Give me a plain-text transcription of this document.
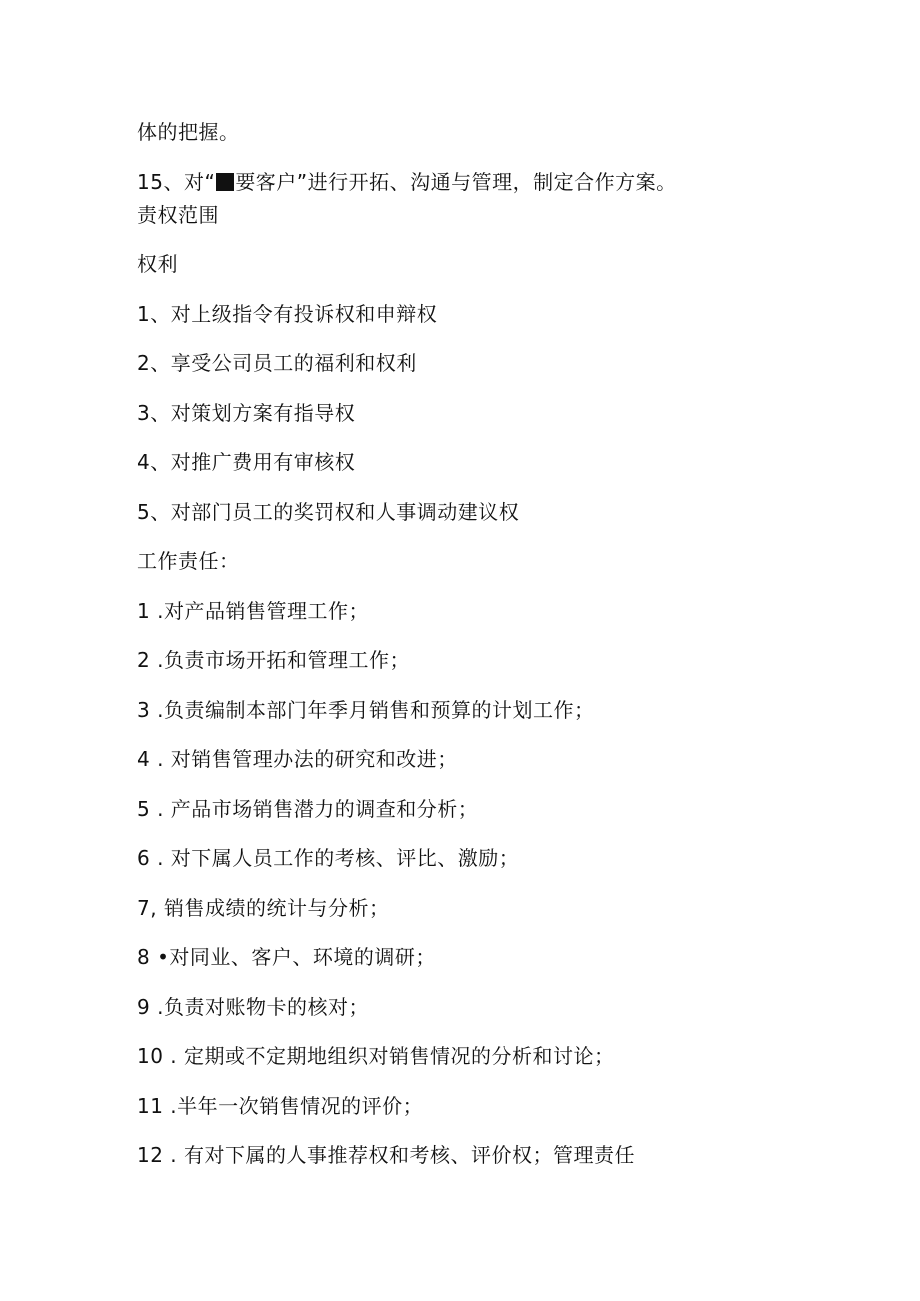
体的把握。
15、对“ 要客户”进行开拓、沟通与管理，制定合作方案。
责权范围
权利
1、对上级指令有投诉权和申辩权
2、享受公司员工的福利和权利
3、对策划方案有指导权
4、对推广费用有审核权
5、对部门员工的奖罚权和人事调动建议权
工作责任：
1 .对产品销售管理工作；
2 .负责市场开拓和管理工作；
3 .负责编制本部门年季月销售和预算的计划工作；
4 . 对销售管理办法的研究和改进；
5 . 产品市场销售潜力的调查和分析；
6 . 对下属人员工作的考核、评比、激励；
7, 销售成绩的统计与分析；
8 •对同业、客户、环境的调研；
9 .负责对账物卡的核对；
10 . 定期或不定期地组织对销售情况的分析和讨论；
11 .半年一次销售情况的评价；
12 . 有对下属的人事推荐权和考核、评价权；管理责任
